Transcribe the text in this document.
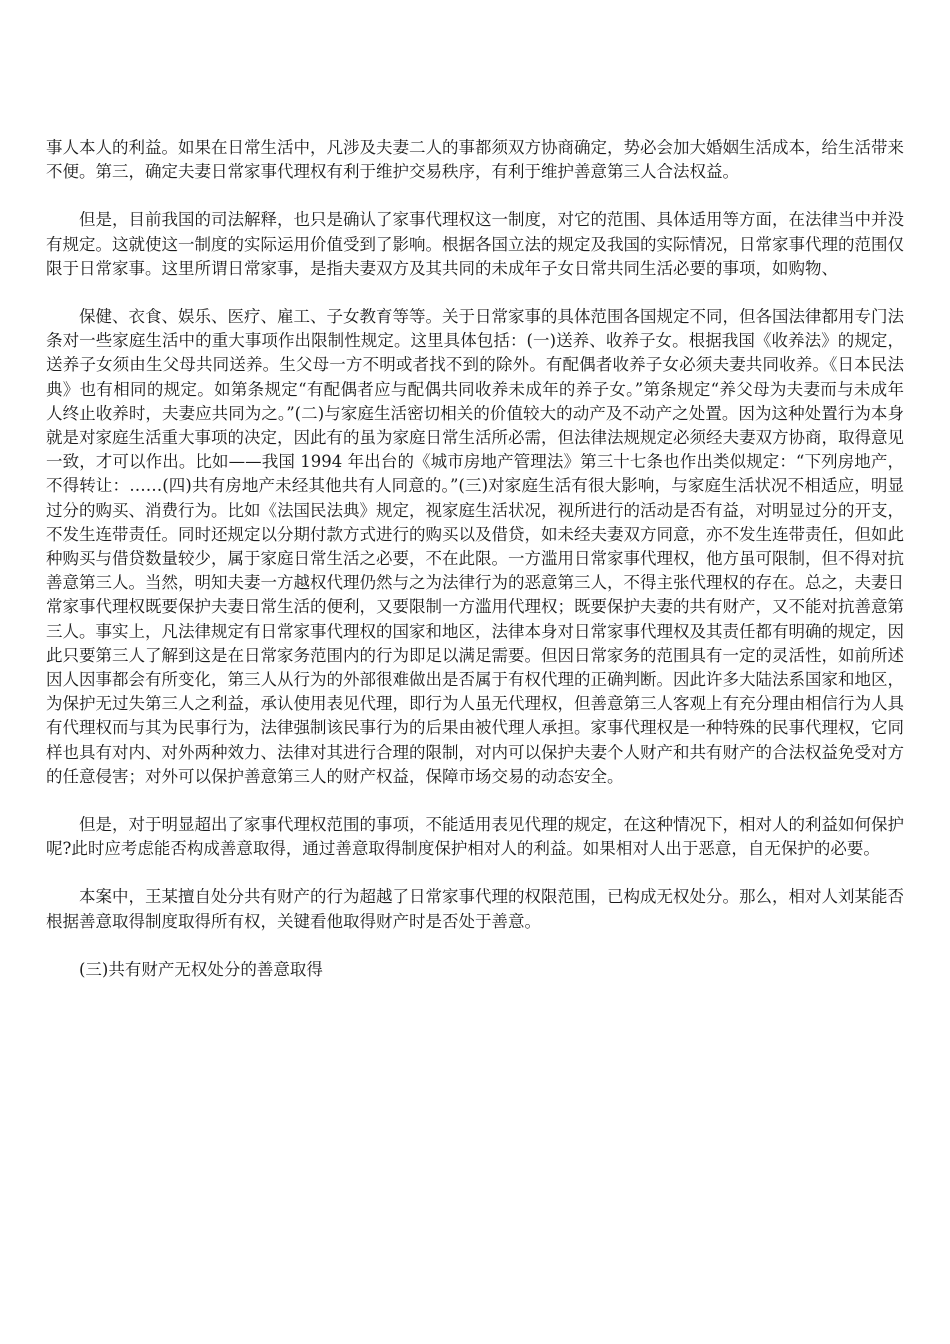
事人本人的利益。如果在日常生活中，凡涉及夫妻二人的事都须双方协商确定，势必会加大婚姻生活成本，给生活带来不便。第三，确定夫妻日常家事代理权有利于维护交易秩序，有利于维护善意第三人合法权益。

但是，目前我国的司法解释，也只是确认了家事代理权这一制度，对它的范围、具体适用等方面，在法律当中并没有规定。这就使这一制度的实际运用价值受到了影响。根据各国立法的规定及我国的实际情况，日常家事代理的范围仅限于日常家事。这里所谓日常家事，是指夫妻双方及其共同的未成年子女日常共同生活必要的事项，如购物、

保健、衣食、娱乐、医疗、雇工、子女教育等等。关于日常家事的具体范围各国规定不同，但各国法律都用专门法条对一些家庭生活中的重大事项作出限制性规定。这里具体包括：(一)送养、收养子女。根据我国《收养法》的规定，送养子女须由生父母共同送养。生父母一方不明或者找不到的除外。有配偶者收养子女必须夫妻共同收养。《日本民法典》也有相同的规定。如第条规定“有配偶者应与配偶共同收养未成年的养子女。”第条规定“养父母为夫妻而与未成年人终止收养时，夫妻应共同为之。”(二)与家庭生活密切相关的价值较大的动产及不动产之处置。因为这种处置行为本身就是对家庭生活重大事项的决定，因此有的虽为家庭日常生活所必需，但法律法规规定必须经夫妻双方协商，取得意见一致，才可以作出。比如——我国 1994 年出台的《城市房地产管理法》第三十七条也作出类似规定：“下列房地产，不得转让：……(四)共有房地产未经其他共有人同意的。”(三)对家庭生活有很大影响，与家庭生活状况不相适应，明显过分的购买、消费行为。比如《法国民法典》规定，视家庭生活状况，视所进行的活动是否有益，对明显过分的开支，不发生连带责任。同时还规定以分期付款方式进行的购买以及借贷，如未经夫妻双方同意，亦不发生连带责任，但如此种购买与借贷数量较少，属于家庭日常生活之必要，不在此限。一方滥用日常家事代理权，他方虽可限制，但不得对抗善意第三人。当然，明知夫妻一方越权代理仍然与之为法律行为的恶意第三人，不得主张代理权的存在。总之，夫妻日常家事代理权既要保护夫妻日常生活的便利，又要限制一方滥用代理权；既要保护夫妻的共有财产，又不能对抗善意第三人。事实上，凡法律规定有日常家事代理权的国家和地区，法律本身对日常家事代理权及其责任都有明确的规定，因此只要第三人了解到这是在日常家务范围内的行为即足以满足需要。但因日常家务的范围具有一定的灵活性，如前所述因人因事都会有所变化，第三人从行为的外部很难做出是否属于有权代理的正确判断。因此许多大陆法系国家和地区，为保护无过失第三人之利益，承认使用表见代理，即行为人虽无代理权，但善意第三人客观上有充分理由相信行为人具有代理权而与其为民事行为，法律强制该民事行为的后果由被代理人承担。家事代理权是一种特殊的民事代理权，它同样也具有对内、对外两种效力、法律对其进行合理的限制，对内可以保护夫妻个人财产和共有财产的合法权益免受对方的任意侵害；对外可以保护善意第三人的财产权益，保障市场交易的动态安全。

但是，对于明显超出了家事代理权范围的事项，不能适用表见代理的规定，在这种情况下，相对人的利益如何保护呢?此时应考虑能否构成善意取得，通过善意取得制度保护相对人的利益。如果相对人出于恶意，自无保护的必要。

本案中，王某擅自处分共有财产的行为超越了日常家事代理的权限范围，已构成无权处分。那么，相对人刘某能否根据善意取得制度取得所有权，关键看他取得财产时是否处于善意。

(三)共有财产无权处分的善意取得
